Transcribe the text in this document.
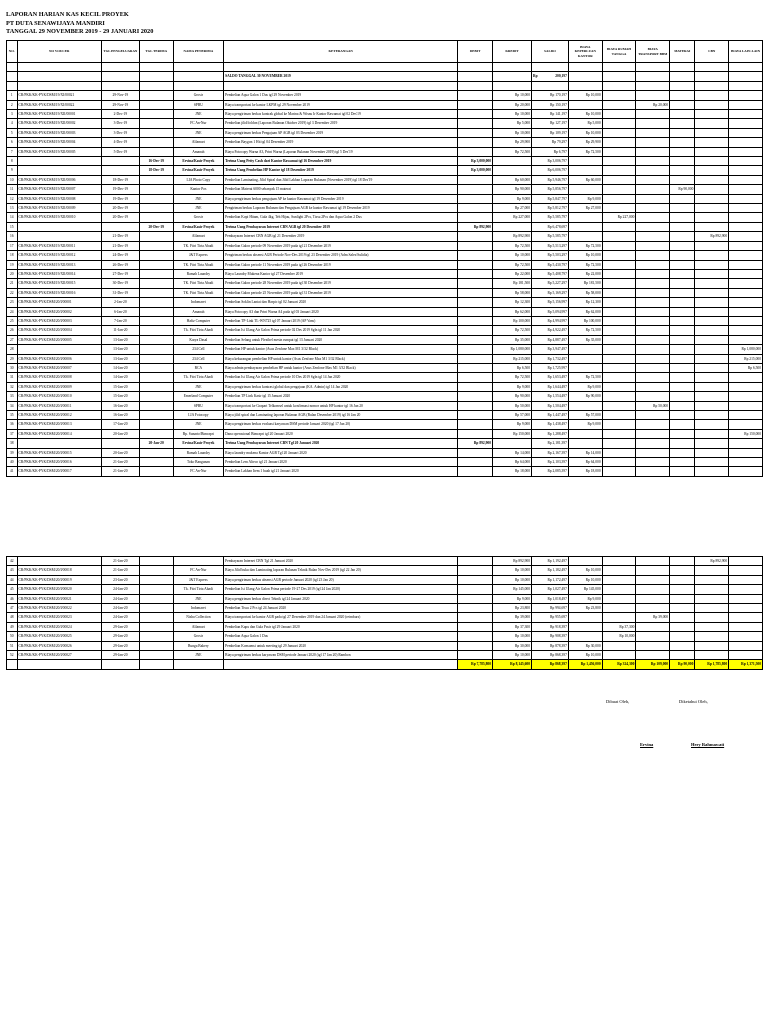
LAPORAN HARIAN KAS KECIL PROYEK
PT DUTA SENAWIJAYA MANDIRI
TANGGAL 29 NOVEMBER 2019 - 29 JANUARI 2020
NO.	NO VOUCER	TGL PENGELUARAN	TGL TERIMA	NAMA PENERIMA	KETERANGAN	DEBIT	KREDIT	SALDO	BIAYA KEPERLUAN KANTOR	BIAYA RUMAH TANGGA	BIAYA TRANSPORT BBM	MATERAI	CBN	BIAYA LAIN-LAIN

					SALDO TANGGAL 30 NOVEMBER 2019			Rp 200,197						

1	CR/PKK/KK-PYK/DSM/19/XI/00021	29-Nov-19		Grosir	Pembelian Aqua Galon 1 Dus tgl 29 November 2019		Rp 10,000	Rp 170,197	Rp 10,000					
2	CR/PKK/KK-PYK/DSM/19/XI/00022	29-Nov-19		SPBU	Biaya transportasi ke kantor LKPM tgl 29 November 2019		Rp 20,000	Rp 150,197			Rp 20,000			
3	CR/PKK/KK-PYK/DSM/19/XII/00001	2-Dec-19		JNE	Biaya pengiriman berkas kontrak global ke Marina & Wisnu Ir Kantor Rawamai tgl 02 Des'19		Rp 10,000	Rp 141,197	Rp 10,000					
4	CR/PKK/KK-PYK/DSM/19/XII/00002	3-Dec-19		FC An-Nur	Pembelian jilid/foldon (Laporan Bulanan Oktober 2019) tgl 3 Desember 2019		Rp 5,000	Rp 127,197	Rp 5,000					
5	CR/PKK/KK-PYK/DSM/19/XII/00003	3-Dec-19		JNE	Biaya pengiriman berkas Pengajuan AP AGB tgl 03 Desember 2019		Rp 10,000	Rp 109,197	Rp 10,000					
6	CR/PKK/KK-PYK/DSM/19/XII/00004	4-Dec-19		Alfamart	Pembelian Baygon 1 Hit tgl 04 Desember 2019		Rp 29,900	Rp 79,297	Rp 29,900					
7	CR/PKK/KK-PYK/DSM/19/XII/00005	5-Dec-19		Amanah	Biaya Fotocopy Warna A3, Print Warna (Laporan Bulanan November 2019) tgl 5 Des'19		Rp 72,500	Rp 6,797	Rp 72,500					
8			16-Dec-19	Ervina/Kasir Proyek	Terima Uang Petty Cash dari Kantor Rawamai tgl 16 Desember 2019	Rp 3,000,000		Rp 3,006,797						
9			18-Dec-19	Ervina/Kasir Proyek	Terima Uang Pembelian HP Kantor tgl 18 Desember 2019	Rp 3,000,000		Rp 6,006,797						
10	CR/PKK/KK-PYK/DSM/19/XII/00006	18-Dec-19		LIA Photo Copy	Pembelian Laminating, Jilid Spiral dan Jilid Lakban Laporan Bulanan (November 2019) tgl 18 Des'19		Rp 60,000	Rp 5,946,797	Rp 60,000					
11	CR/PKK/KK-PYK/DSM/19/XII/00007	19-Dec-19		Kantor Pos	Pembelian Materai 6000 sebanyak 15 materai		Rp 90,000	Rp 5,856,797				Rp 90,000		
12	CR/PKK/KK-PYK/DSM/19/XII/00008	19-Dec-19		JNE	Biaya pengiriman berkas pengajuan AP ke kantor Rawamai tgl 19 Desember 2019		Rp 9,000	Rp 5,847,797	Rp 9,000					
13	CR/PKK/KK-PYK/DSM/19/XII/00009	20-Dec-19		JNE	Pengiriman berkas Laporan Bulanan dan Pengajuan AGB ke kantor Rawamai tgl 19 Desember 2019		Rp 27,000	Rp 5,812,797	Rp 27,000					
14	CR/PKK/KK-PYK/DSM/19/XII/00010	20-Dec-19		Grosir	Pembelian Kopi Hitam, Gula 4kg, Teh Hijau, Sunlight 2Pcs, Tissu 2Pcs dan Aqua Galon 2 Dus		Rp 227,000	Rp 5,585,797		Rp 227,000				
15			20-Dec-19	Ervina/Kasir Proyek	Terima Uang Pembayaran Internet CBN AGB tgl 20 Desember 2019	Rp 892,900		Rp 6,478,697						
16		21-Dec-19		Alfamart	Pembayaran Internet CBN AGB tgl 21 Desember 2019		Rp 892,900	Rp 5,585,797					Rp 892,900	
17	CR/PKK/KK-PYK/DSM/19/XII/00011	21-Dec-19		TK. Fitri Tirta Abadi	Pembelian Galon periode 09 November 2019 pada tgl 21 Desember 2019		Rp 72,500	Rp 5,513,297	Rp 72,500					
18	CR/PKK/KK-PYK/DSM/19/XII/00012	24-Dec-19		J&T Express	Pengiriman berkas absensi AGB Periode Nov-Des 2019 tgl 23 Desember 2019 (Adm Sales/Sulidia)		Rp 10,000	Rp 5,503,297	Rp 10,000					
19	CR/PKK/KK-PYK/DSM/19/XII/00013	26-Dec-19		TK. Fitri Tirta Abadi	Pembelian Galon periode 11 November 2019 pada tgl 26 Desember 2019		Rp 72,500	Rp 5,430,797	Rp 72,500					
20	CR/PKK/KK-PYK/DSM/19/XII/00014	27-Dec-19		Ramah Laundry	Biaya Laundry Mukena Kantor tgl 27 Desember 2019		Rp 22,000	Rp 5,408,797	Rp 22,000					
21	CR/PKK/KK-PYK/DSM/19/XII/00015	30-Dec-19		TK. Fitri Tirta Abadi	Pembelian Galon periode 28 November 2019 pada tgl 30 Desember 2019		Rp 181,500	Rp 5,227,297	Rp 181,500					
22	CR/PKK/KK-PYK/DSM/19/XII/00016	31-Dec-19		TK. Fitri Tirta Abadi	Pembelian Galon periode 25 November 2019 pada tgl 31 Desember 2019		Rp 58,000	Rp 5,169,297	Rp 58,000					
23	CR/PKK/KK-PYK/DSM/20/I/00001	2-Jan-20		Indomaret	Pembelian Soklin Lantai dan Harpic tgl 02 Januari 2020		Rp 12,300	Rp 5,156,997	Rp 12,300					
24	CR/PKK/KK-PYK/DSM/20/I/00002	6-Jan-20		Amanah	Biaya Fotocopy A3 dan Print Warna A4 pada tgl 03 Januari 2020		Rp 62,000	Rp 5,094,997	Rp 62,000					
25	CR/PKK/KK-PYK/DSM/20/I/00003	7-Jan-20		Hafiz Computer	Pembelian TP-Link TL-WN725 tgl 07 Januari 2019 (AP Vans)		Rp 100,000	Rp 4,994,997	Rp 100,000					
26	CR/PKK/KK-PYK/DSM/20/I/00004	11-Jan-20		Tk. Fitri Tirta Abadi	Pembelian Isi Ulang Air Galon Prima periode 02 Des 2019 Sgln tgl 11 Jan 2020		Rp 72,500	Rp 4,922,497	Rp 72,500					
27	CR/PKK/KK-PYK/DSM/20/I/00005	13-Jan-20		Karya Dasal	Pembelian Selang untuk Flexibel mesin rumput tgl 13 Januari 2020		Rp 35,000	Rp 4,887,497	Rp 35,000					
28		13-Jan-20		234 Cell	Pembelian HP untuk kantor (Asus Zenfone Max M1 3/32 Black)		Rp 1,080,000	Rp 3,947,497						Rp 1,080,000
29	CR/PKK/KK-PYK/DSM/20/I/00006	13-Jan-20		234 Cell	Biaya kekurangan pembelian HP untuk kantor (Asus Zenfone Max M1 3/32 Black)		Rp 215,000	Rp 1,732,497						Rp 215,000
30	CR/PKK/KK-PYK/DSM/20/I/00007	14-Jan-20		BCA	Biaya admin pembayaran pembelian HP untuk kantor (Asus Zenfone Max M1 3/32 Black)		Rp 6,500	Rp 1,725,997						Rp 6,500
31	CR/PKK/KK-PYK/DSM/20/I/00008	14-Jan-20		Tk. Fitri Tirta Abadi	Pembelian Isi Ulang Air Galon Prima periode 10 Des 2019 Sgln tgl 14 Jan 2020		Rp 72,500	Rp 1,653,497	Rp 72,500					
32	CR/PKK/KK-PYK/DSM/20/I/00009	15-Jan-20		JNE	Biaya pengiriman berkas kontrasi global dan pengajuan (KA. Admin) tgl 14 Jan 2020		Rp 9,000	Rp 1,644,497	Rp 9,000					
33	CR/PKK/KK-PYK/DSM/20/I/00010	15-Jan-20		Emerland Computer	Pembelian TP Link Kasir tgl 15 Januari 2020		Rp 90,000	Rp 1,554,497	Rp 90,000					
34	CR/PKK/KK-PYK/DSM/20/I/00011	16-Jan-20		SPBU	Biaya transportasi ke Grapari Telkomsel untuk konfirmasi nomor untuk HP kantor tgl 16 Jan 20		Rp 50,000	Rp 1,504,497			Rp 50,000			
35	CR/PKK/KK-PYK/DSM/20/I/00012	16-Jan-20		LIA Fotocopy	Biaya jilid spiral dan Laminating laporan Bulanan AGB (Bulan Desember 2019) tgl 16 Jan 20		Rp 57,000	Rp 1,447,497	Rp 57,000					
36	CR/PKK/KK-PYK/DSM/20/I/00013	17-Jan-20		JNE	Biaya pengiriman berkas evaluasi karyawan DSM periode Januari 2020 (tgl 17 Jan 20)		Rp 9,000	Rp 1,438,497	Rp 9,000					
37	CR/PKK/KK-PYK/DSM/20/I/00014	20-Jan-20		Bp. Sunarto/Bimrapri	Dana operasional Bimrapri tgl 20 Januari 2020		Rp 150,000	Rp 1,288,497						Rp 150,000
38			20-Jan-20	Ervina/Kasir Proyek	Terima Uang Pembayaran Internet CBN Tgl 20 Januari 2020	Rp 892,900		Rp 2,181,397						
39	CR/PKK/KK-PYK/DSM/20/I/00015	20-Jan-20		Ramah Laundry	Biaya laundry mukena Kantor AGB Tgl 20 Januari 2020		Rp 14,000	Rp 2,167,397	Rp 14,000					
40	CR/PKK/KK-PYK/DSM/20/I/00016	21-Jan-20		Toko Bangunan	Pembelian Lem Alteco tgl 21 Januari 2020		Rp 64,000	Rp 2,103,397	Rp 64,000					
41	CR/PKK/KK-PYK/DSM/20/I/00017	21-Jan-20		FC An-Nur	Pembelian Lakban Item 1 buah tgl 21 Januari 2020		Rp 18,000	Rp 2,085,397	Rp 18,000					
42		21-Jan-20			Pembayaran Internet CBN Tgl 21 Januari 2020		Rp 892,900	Rp 1,192,497					Rp 892,900	
43	CR/PKK/KK-PYK/DSM/20/I/00018	21-Jan-20		FC An-Nur	Biaya Jilid buku dan Laminating laporan Bulanan Teknik Bulan Nov-Des 2019 (tgl 22 Jan 20)		Rp 10,000	Rp 1,182,497	Rp 10,000					
44	CR/PKK/KK-PYK/DSM/20/I/00019	23-Jan-20		J&T Express	Biaya pengiriman berkas absensi AGB periode Januari 2020 (tgl 23 Jan 20)		Rp 10,000	Rp 1,172,497	Rp 10,000					
45	CR/PKK/KK-PYK/DSM/20/I/00020	24-Jan-20		Tk. Fitri Tirta Abadi	Pembelian Isi Ulang Air Galon Prima periode 19-27 Des 2019 (tgl 24 Jan 2020)		Rp 145,000	Rp 1,027,497	Rp 145,000					
46	CR/PKK/KK-PYK/DSM/20/I/00021	24-Jan-20		JNE	Biaya pengiriman berkas direct Teknik tgl 24 Januari 2020		Rp 9,000	Rp 1,018,497	Rp 9,000					
47	CR/PKK/KK-PYK/DSM/20/I/00022	24-Jan-20		Indomaret	Pembelian Tissu 2 Pcs tgl 24 Januari 2020		Rp 23,800	Rp 994,697	Rp 23,800					
48	CR/PKK/KK-PYK/DSM/20/I/00023	24-Jan-20		Nisha Collection	Biaya transportasi ke kantor AGB pada tgl 27 Desember 2019 dan 24 Januari 2020 (reimburs)		Rp 39,000	Rp 955,697			Rp 39,000			
49	CR/PKK/KK-PYK/DSM/20/I/00024	29-Jan-20		Alfamart	Pembelian Kapu dan Gula Pasir tgl 29 Januari 2020		Rp 37,300	Rp 918,397		Rp 37,300				
50	CR/PKK/KK-PYK/DSM/20/I/00025	29-Jan-20		Grosir	Pembelian Aqua Galon 1 Dus		Rp 10,000	Rp 908,397		Rp 10,000				
51	CR/PKK/KK-PYK/DSM/20/I/00026	29-Jan-20		Bunga Bakery	Pembelian Konsumsi untuk meeting tgl 29 Januari 2020		Rp 30,000	Rp 878,397	Rp 30,000					
52	CR/PKK/KK-PYK/DSM/20/I/00027	29-Jan-20		JNE	Biaya pengiriman berkas karyawan DSM periode Januari 2020 (tgl 17 Jan 20) Rambon		Rp 10,000	Rp 868,397	Rp 10,000					
						Rp 7,785,800	Rp 8,145,600	Rp 868,397	Rp 1,456,000	Rp 324,300	Rp 109,000	Rp 90,000	Rp 1,785,800	Rp 1,371,500
Dibuat Oleh,	Diketahui Oleh,
Ervina	Hery Rahmawati
